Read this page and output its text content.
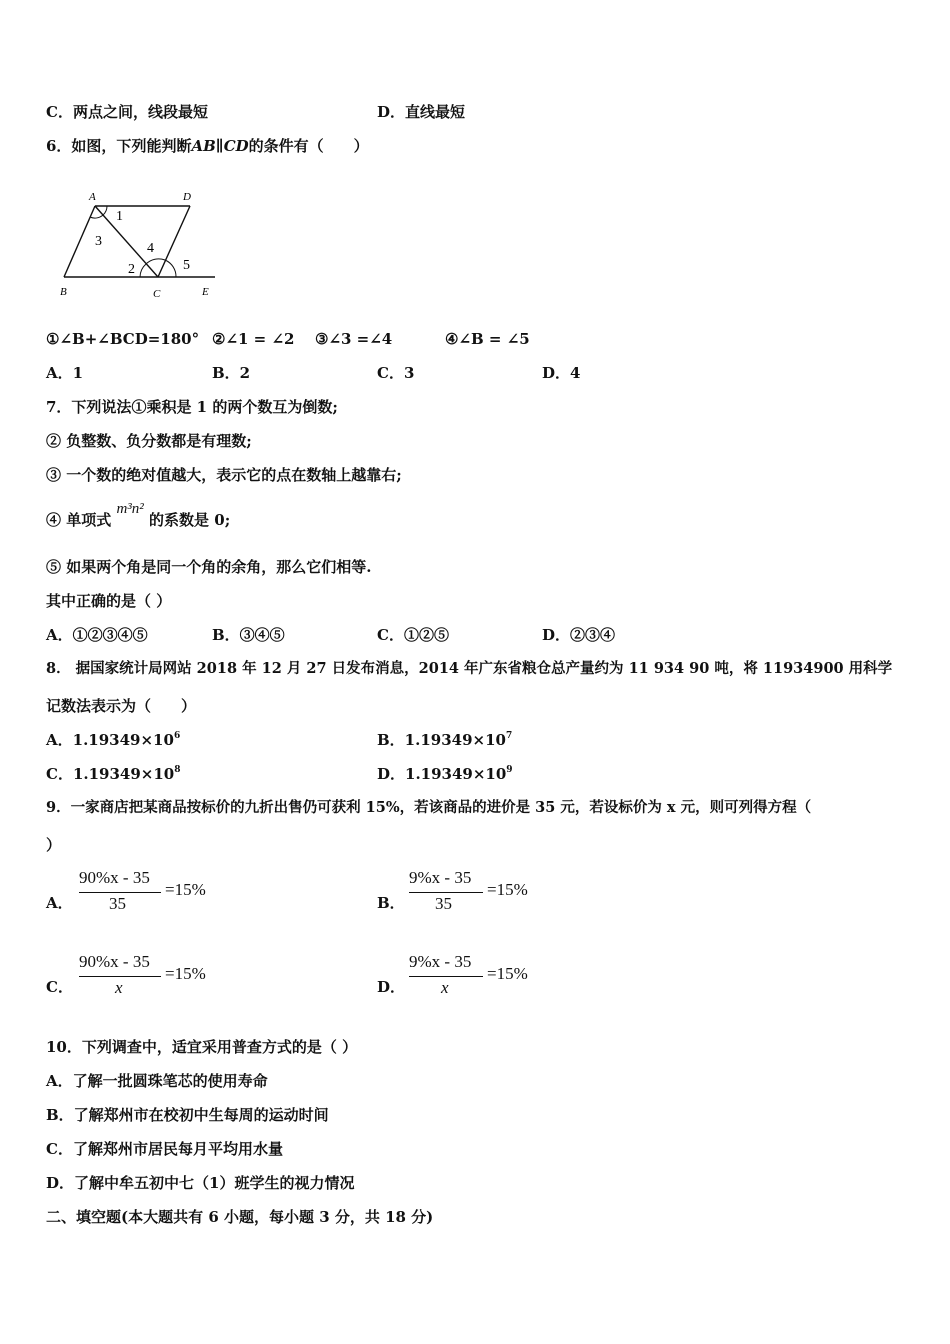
C．两点之间，线段最短	D．直线最短
6．如图，下列能判断AB∥CD的条件有（　　）
A	D
B	C	E
1
2
3	4
5
①∠B+∠BCD=180° ②∠1 = ∠2 ③∠3 =∠4	④∠B = ∠5
A．1	B．2	C．3	D．4
7．下列说法①乘积是 1 的两个数互为倒数;
② 负整数、负分数都是有理数;
③ 一个数的绝对值越大，表示它的点在数轴上越靠右;
④ 单项式 m³n² 的系数是 0;
⑤ 如果两个角是同一个角的余角，那么它们相等.
其中正确的是（ ）
A．①②③④⑤	B．③④⑤	C．①②⑤	D．②③④
8． 据国家统计局网站 2018 年 12 月 27 日发布消息，2014 年广东省粮仓总产量约为 11 934 90 吨，将 11934900 用科学
记数法表示为（　　）
A．$1.19349\times 10^6$	B．$1.19349\times 10^7$
C．$1.19349\times 10^8$	D．$1.19349\times 10^9$
9．一家商店把某商品按标价的九折出售仍可获利 15%，若该商品的进价是 35 元，若设标价为 x 元，则可列得方程（
）
A．
90%x - 35
35
=15%
B．
9%x - 35
35
=15%
C．
90%x - 35
x
=15%
D．
9%x - 35
x
=15%
10．下列调查中，适宜采用普查方式的是（ ）
A．了解一批圆珠笔芯的使用寿命
B．了解郑州市在校初中生每周的运动时间
C．了解郑州市居民每月平均用水量
D．了解中牟五初中七（1）班学生的视力情况
二、填空题(本大题共有 6 小题，每小题 3 分，共 18 分)
